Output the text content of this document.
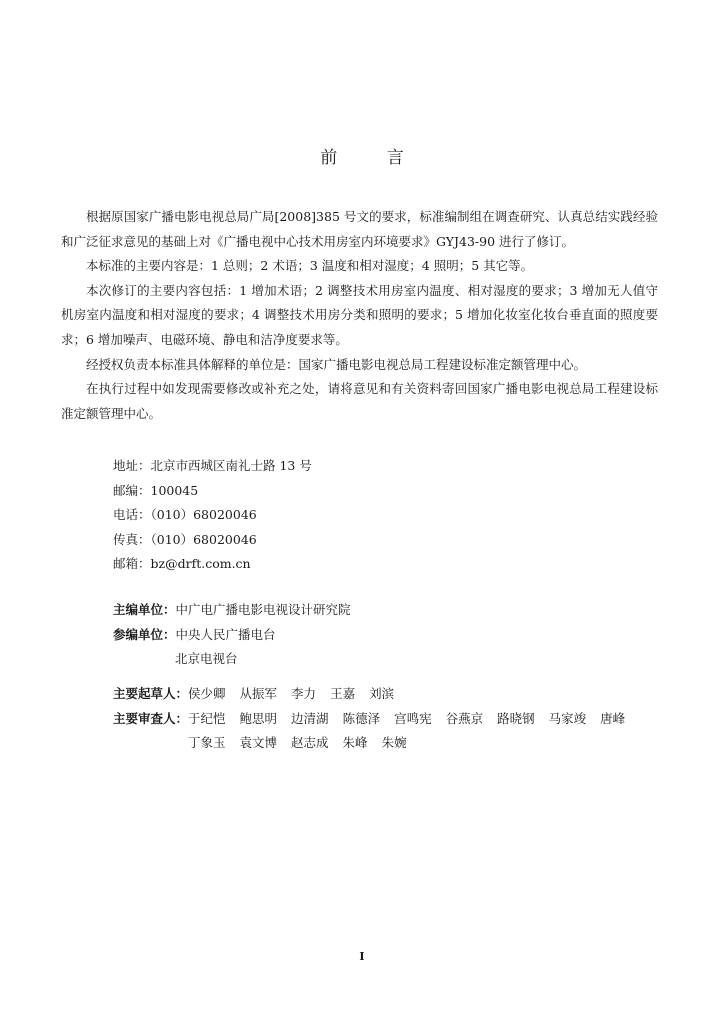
前 言

根据原国家广播电影电视总局广局[2008]385 号文的要求，标准编制组在调查研究、认真总结实践经验和广泛征求意见的基础上对《广播电视中心技术用房室内环境要求》GYJ43-90 进行了修订。

本标准的主要内容是：1 总则；2 术语；3 温度和相对湿度；4 照明；5 其它等。

本次修订的主要内容包括：1 增加术语；2 调整技术用房室内温度、相对湿度的要求；3 增加无人值守机房室内温度和相对湿度的要求；4 调整技术用房分类和照明的要求；5 增加化妆室化妆台垂直面的照度要求；6 增加噪声、电磁环境、静电和洁净度要求等。

经授权负责本标准具体解释的单位是：国家广播电影电视总局工程建设标准定额管理中心。

在执行过程中如发现需要修改或补充之处，请将意见和有关资料寄回国家广播电影电视总局工程建设标准定额管理中心。

地址：北京市西城区南礼士路 13 号
邮编：100045
电话：（010）68020046
传真：（010）68020046
邮箱：bz@drft.com.cn
主编单位： 中广电广播电影电视设计研究院
参编单位： 中央人民广播电台
北京电视台
主要起草人： 侯少卿 从振军 李力 王嘉 刘滨
主要审查人： 于纪恺 鲍思明 边清湖 陈德泽 宫鸣宪 谷燕京 路晓钢 马家竣 唐峰
丁象玉 袁文博 赵志成 朱峰 朱婉
I
